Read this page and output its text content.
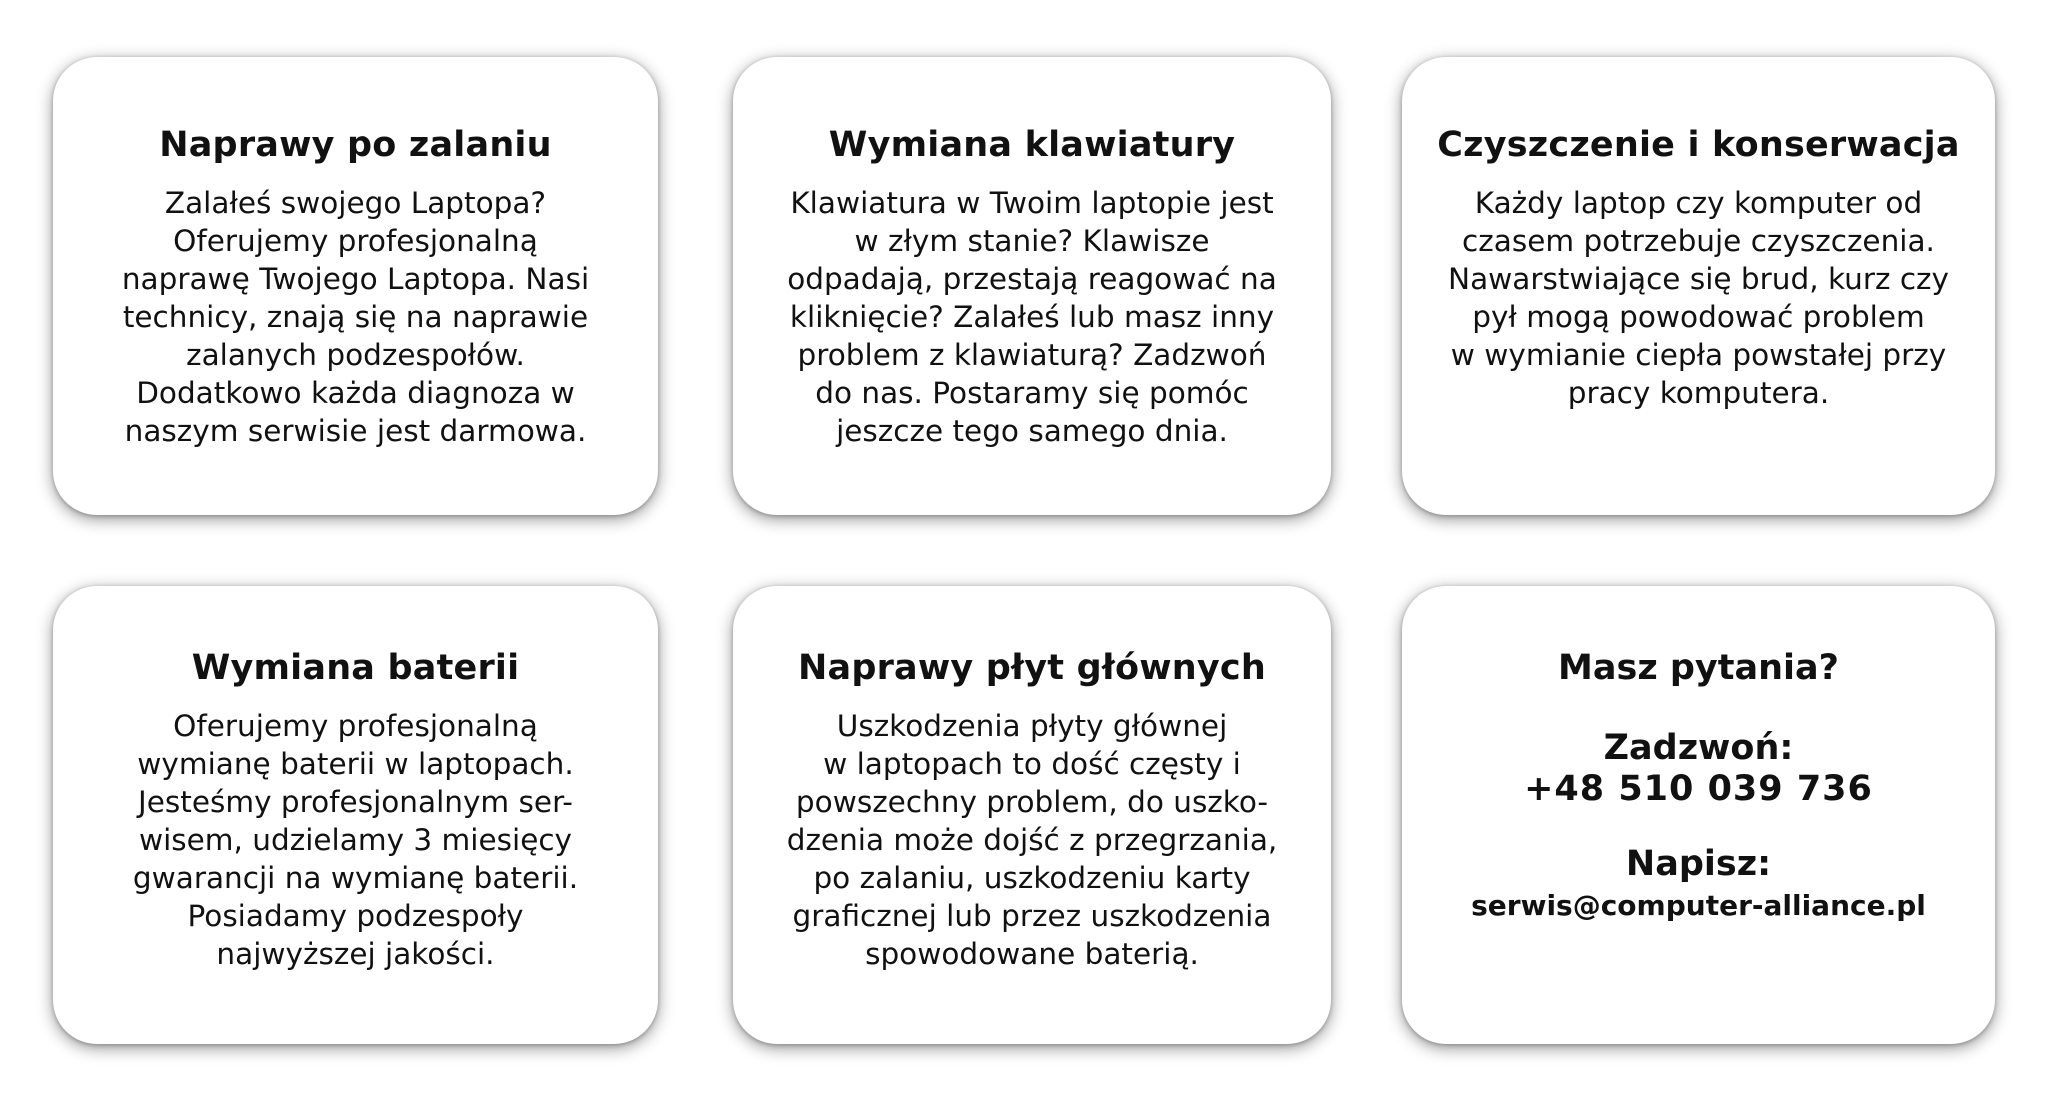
Naprawy po zalaniu

Zalałeś swojego Laptopa?
Oferujemy profesjonalną
naprawę Twojego Laptopa. Nasi
technicy, znają się na naprawie
zalanych podzespołów.
Dodatkowo każda diagnoza w
naszym serwisie jest darmowa.

Wymiana klawiatury

Klawiatura w Twoim laptopie jest
w złym stanie? Klawisze
odpadają, przestają reagować na
kliknięcie? Zalałeś lub masz inny
problem z klawiaturą? Zadzwoń
do nas. Postaramy się pomóc
jeszcze tego samego dnia.

Czyszczenie i konserwacja

Każdy laptop czy komputer od
czasem potrzebuje czyszczenia.
Nawarstwiające się brud, kurz czy
pył mogą powodować problem
w wymianie ciepła powstałej przy
pracy komputera.

Wymiana baterii

Oferujemy profesjonalną
wymianę baterii w laptopach.
Jesteśmy profesjonalnym ser-
wisem, udzielamy 3 miesięcy
gwarancji na wymianę baterii.
Posiadamy podzespoły
najwyższej jakości.

Naprawy płyt głównych

Uszkodzenia płyty głównej
w laptopach to dość częsty i
powszechny problem, do uszko-
dzenia może dojść z przegrzania,
po zalaniu, uszkodzeniu karty
graficznej lub przez uszkodzenia
spowodowane baterią.

Masz pytania?
Zadzwoń:
+48 510 039 736
Napisz:
serwis@computer-alliance.pl
